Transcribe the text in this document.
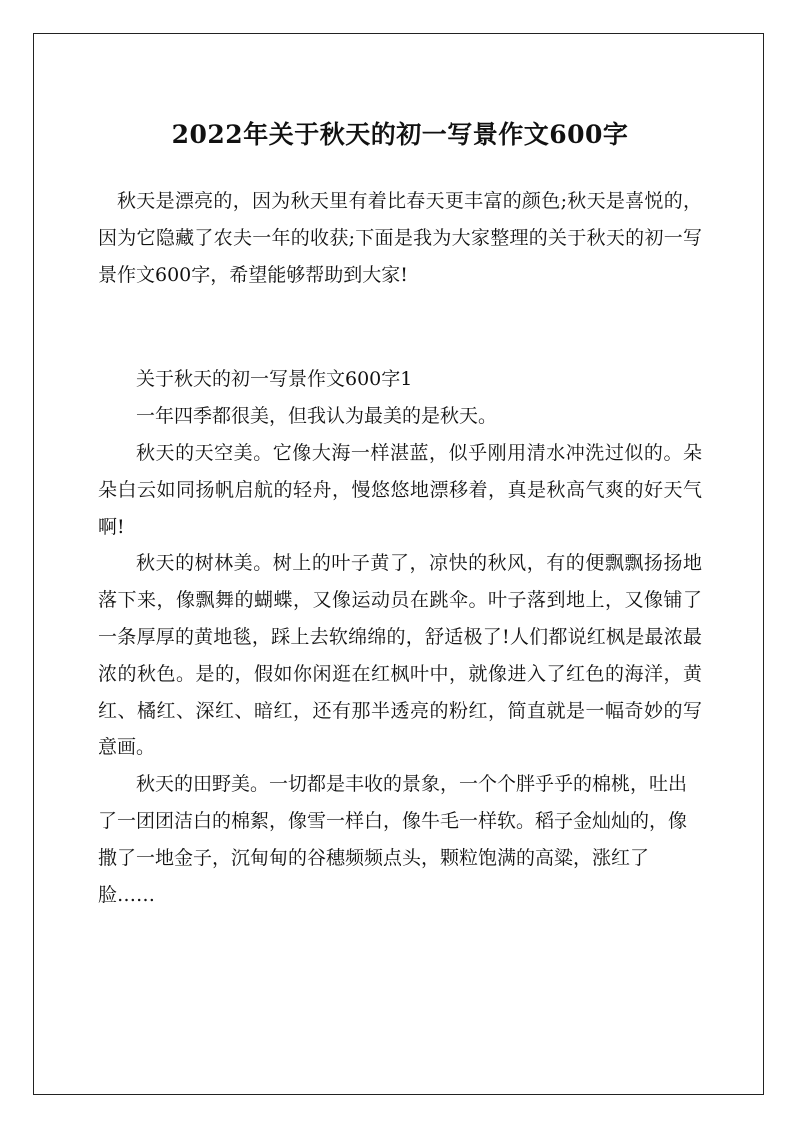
2022年关于秋天的初一写景作文600字

秋天是漂亮的，因为秋天里有着比春天更丰富的颜色;秋天是喜悦的，因为它隐藏了农夫一年的收获;下面是我为大家整理的关于秋天的初一写景作文600字，希望能够帮助到大家!

关于秋天的初一写景作文600字1

一年四季都很美，但我认为最美的是秋天。

秋天的天空美。它像大海一样湛蓝，似乎刚用清水冲洗过似的。朵朵白云如同扬帆启航的轻舟，慢悠悠地漂移着，真是秋高气爽的好天气啊!

秋天的树林美。树上的叶子黄了，凉快的秋风，有的便飘飘扬扬地落下来，像飘舞的蝴蝶，又像运动员在跳伞。叶子落到地上，又像铺了一条厚厚的黄地毯，踩上去软绵绵的，舒适极了!人们都说红枫是最浓最浓的秋色。是的，假如你闲逛在红枫叶中，就像进入了红色的海洋，黄红、橘红、深红、暗红，还有那半透亮的粉红，简直就是一幅奇妙的写意画。

秋天的田野美。一切都是丰收的景象，一个个胖乎乎的棉桃，吐出了一团团洁白的棉絮，像雪一样白，像牛毛一样软。稻子金灿灿的，像撒了一地金子，沉甸甸的谷穗频频点头，颗粒饱满的高粱，涨红了脸……
